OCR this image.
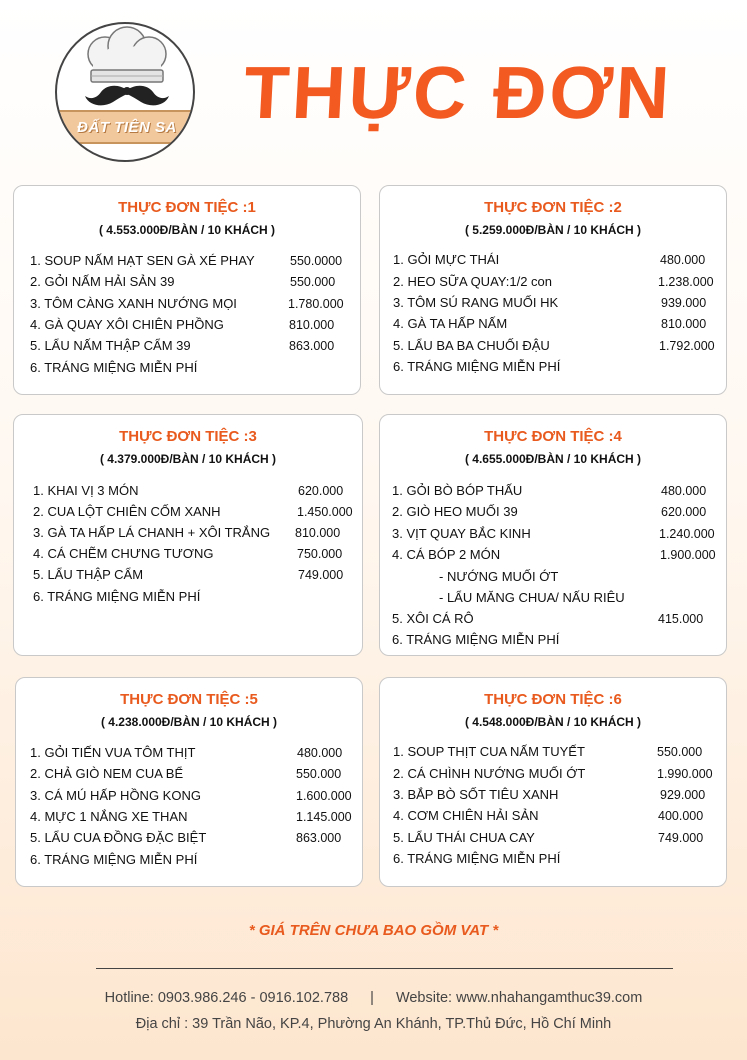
ĐẤT TIÊN SA THỰC ĐƠN
THỰC ĐƠN TIỆC :1
( 4.553.000Đ/BÀN / 10 KHÁCH )
1. SOUP NẤM HẠT SEN GÀ XÉ PHAY	550.0000
2. GỎI NẤM HẢI SẢN 39	550.000
3. TÔM CÀNG XANH NƯỚNG MỌI	1.780.000
4. GÀ QUAY XÔI CHIÊN PHỒNG	810.000
5. LẨU NẤM THẬP CẨM 39	863.000
6. TRÁNG MIỆNG MIỄN PHÍ
THỰC ĐƠN TIỆC :2
( 5.259.000Đ/BÀN / 10 KHÁCH )
1. GỎI MỰC THÁI	480.000
2. HEO SỮA QUAY:1/2 con	1.238.000
3. TÔM SÚ RANG MUỐI HK	939.000
4. GÀ TA HẤP NẤM	810.000
5. LẨU BA BA CHUỐI ĐẬU	1.792.000
6. TRÁNG MIỆNG MIỄN PHÍ
THỰC ĐƠN TIỆC :3
( 4.379.000Đ/BÀN / 10 KHÁCH )
1. KHAI VỊ 3 MÓN	620.000
2. CUA LỘT CHIÊN CỐM XANH	1.450.000
3. GÀ TA HẤP LÁ CHANH + XÔI TRẮNG 810.000
4. CÁ CHẼM CHƯNG TƯƠNG	750.000
5. LẨU THẬP CẨM	749.000
6. TRÁNG MIỆNG MIỄN PHÍ
THỰC ĐƠN TIỆC :4
( 4.655.000Đ/BÀN / 10 KHÁCH )
1. GỎI BÒ BÓP THẤU	480.000
2. GIÒ HEO MUỐI 39	620.000
3. VỊT QUAY BẮC KINH	1.240.000
4. CÁ BÓP 2 MÓN	1.900.000
- NƯỚNG MUỐI ỚT
- LẨU MĂNG CHUA/ NẤU RIÊU
5. XÔI CÁ RÔ	415.000
6. TRÁNG MIỆNG MIỄN PHÍ
THỰC ĐƠN TIỆC :5
( 4.238.000Đ/BÀN / 10 KHÁCH )
1. GỎI TIẾN VUA TÔM THỊT	480.000
2. CHẢ GIÒ NEM CUA BỂ	550.000
3. CÁ MÚ HẤP HỒNG KONG	1.600.000
4. MỰC 1 NẮNG XE THAN	1.145.000
5. LẨU CUA ĐỒNG ĐẶC BIỆT	863.000
6. TRÁNG MIỆNG MIỄN PHÍ
THỰC ĐƠN TIỆC :6
( 4.548.000Đ/BÀN / 10 KHÁCH )
1. SOUP THỊT CUA NẤM TUYẾT	550.000
2. CÁ CHÌNH NƯỚNG MUỐI ỚT	1.990.000
3. BẮP BÒ SỐT TIÊU XANH	929.000
4. CƠM CHIÊN HẢI SẢN	400.000
5. LẨU THÁI CHUA CAY	749.000
6. TRÁNG MIỆNG MIỄN PHÍ
* GIÁ TRÊN CHƯA BAO GỒM VAT *
Hotline: 0903.986.246 - 0916.102.788 | Website: www.nhahangamthuc39.com
Địa chỉ : 39 Trần Não, KP.4, Phường An Khánh, TP.Thủ Đức, Hồ Chí Minh
